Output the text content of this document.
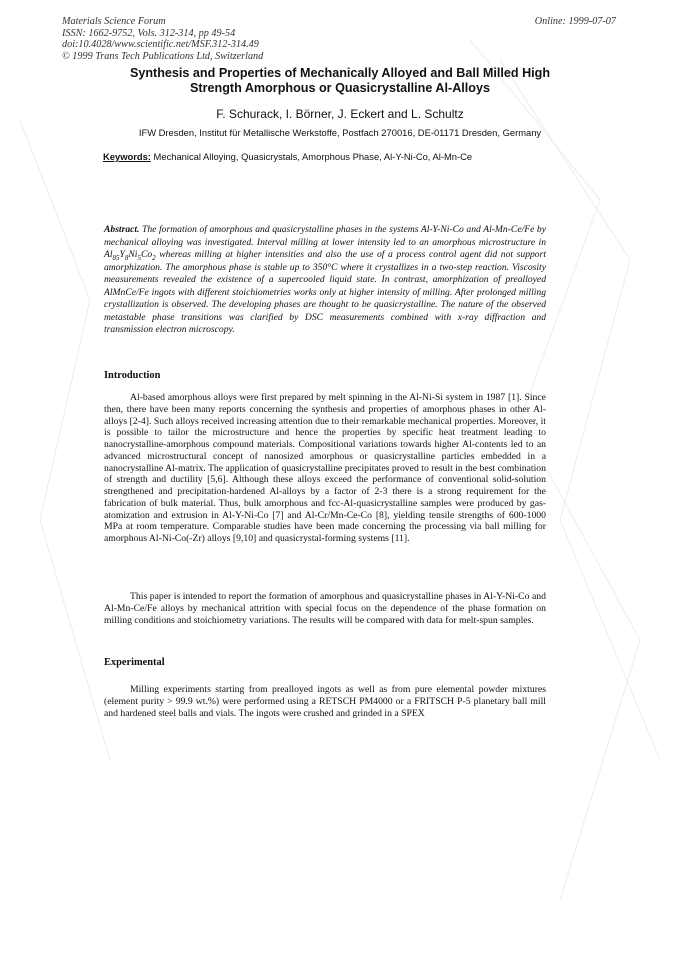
Materials Science Forum
ISSN: 1662-9752, Vols. 312-314, pp 49-54
doi:10.4028/www.scientific.net/MSF.312-314.49
© 1999 Trans Tech Publications Ltd, Switzerland
Online: 1999-07-07
Synthesis and Properties of Mechanically Alloyed and Ball Milled High
Strength Amorphous or Quasicrystalline Al-Alloys
F. Schurack, I. Börner, J. Eckert and L. Schultz
IFW Dresden, Institut für Metallische Werkstoffe, Postfach 270016, DE-01171 Dresden, Germany
Keywords: Mechanical Alloying, Quasicrystals, Amorphous Phase, Al-Y-Ni-Co, Al-Mn-Ce
Abstract. The formation of amorphous and quasicrystalline phases in the systems Al-Y-Ni-Co and Al-Mn-Ce/Fe by mechanical alloying was investigated. Interval milling at lower intensity led to an amorphous microstructure in $Al_{85}Y_8Ni_5Co_2$ whereas milling at higher intensities and also the use of a process control agent did not support amorphization. The amorphous phase is stable up to 350°C where it crystallizes in a two-step reaction. Viscosity measurements revealed the existence of a supercooled liquid state. In contrast, amorphization of prealloyed AlMnCe/Fe ingots with different stoichiometries works only at higher intensity of milling. After prolonged milling crystallization is observed. The developing phases are thought to be quasicrystalline. The nature of the observed metastable phase transitions was clarified by DSC measurements combined with x-ray diffraction and transmission electron microscopy.
Introduction
Al-based amorphous alloys were first prepared by melt spinning in the Al-Ni-Si system in 1987 [1]. Since then, there have been many reports concerning the synthesis and properties of amorphous phases in other Al-alloys [2-4]. Such alloys received increasing attention due to their remarkable mechanical properties. Moreover, it is possible to tailor the microstructure and hence the properties by specific heat treatment leading to nanocrystalline-amorphous compound materials. Compositional variations towards higher Al-contents led to an advanced microstructural concept of nanosized amorphous or quasicrystalline particles embedded in a nanocrystalline Al-matrix. The application of quasicrystalline precipitates proved to result in the best combination of strength and ductility [5,6]. Although these alloys exceed the performance of conventional solid-solution strengthened and precipitation-hardened Al-alloys by a factor of 2-3 there is a strong requirement for the fabrication of bulk material. Thus, bulk amorphous and fcc-Al-quasicrystalline samples were produced by gas-atomization and extrusion in Al-Y-Ni-Co [7] and Al-Cr/Mn-Ce-Co [8], yielding tensile strengths of 600-1000 MPa at room temperature. Comparable studies have been made concerning the processing via ball milling for amorphous Al-Ni-Co(-Zr) alloys [9,10] and quasicrystal-forming systems [11].
This paper is intended to report the formation of amorphous and quasicrystalline phases in Al-Y-Ni-Co and Al-Mn-Ce/Fe alloys by mechanical attrition with special focus on the dependence of the phase formation on milling conditions and stoichiometry variations. The results will be compared with data for melt-spun samples.
Experimental
Milling experiments starting from prealloyed ingots as well as from pure elemental powder mixtures (element purity > 99.9 wt.%) were performed using a RETSCH PM4000 or a FRITSCH P-5 planetary ball mill and hardened steel balls and vials. The ingots were crushed and grinded in a SPEX
